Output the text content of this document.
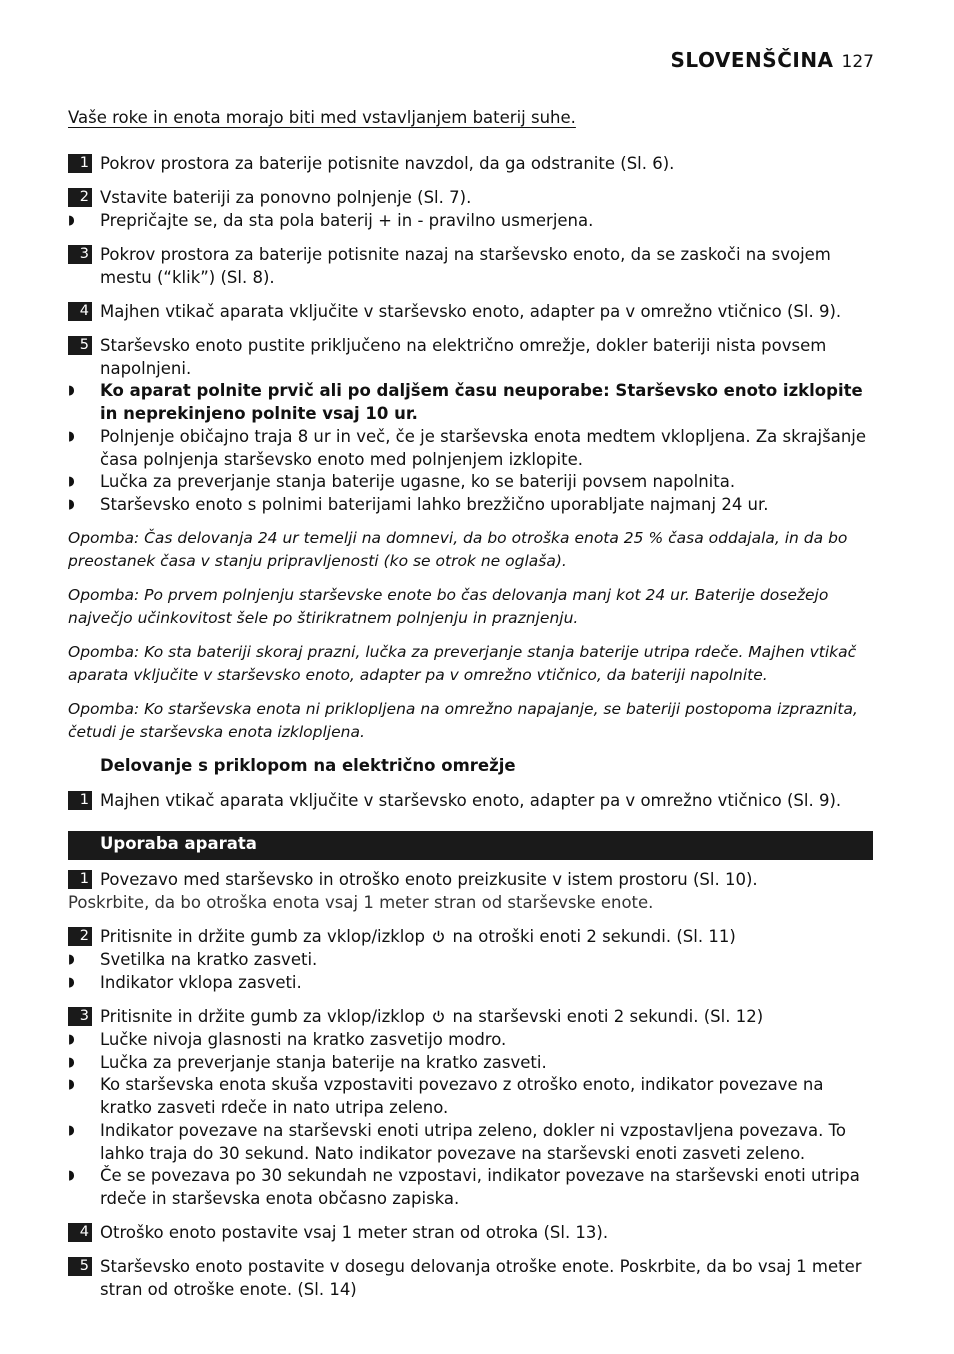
SLOVENŠČINA 127
Vaše roke in enota morajo biti med vstavljanjem baterij suhe.
1 Pokrov prostora za baterije potisnite navzdol, da ga odstranite (Sl. 6).
2 Vstavite bateriji za ponovno polnjenje (Sl. 7).
◗ Prepričajte se, da sta pola baterij + in - pravilno usmerjena.
3 Pokrov prostora za baterije potisnite nazaj na starševsko enoto, da se zaskoči na svojem
mestu (“klik”) (Sl. 8).
4 Majhen vtikač aparata vključite v starševsko enoto, adapter pa v omrežno vtičnico (Sl. 9).
5 Starševsko enoto pustite priključeno na električno omrežje, dokler bateriji nista povsem
napolnjeni.
◗ Ko aparat polnite prvič ali po daljšem času neuporabe: Starševsko enoto izklopite
in neprekinjeno polnite vsaj 10 ur.
◗ Polnjenje običajno traja 8 ur in več, če je starševska enota medtem vklopljena. Za skrajšanje
časa polnjenja starševsko enoto med polnjenjem izklopite.
◗ Lučka za preverjanje stanja baterije ugasne, ko se bateriji povsem napolnita.
◗ Starševsko enoto s polnimi baterijami lahko brezžično uporabljate najmanj 24 ur.
Opomba: Čas delovanja 24 ur temelji na domnevi, da bo otroška enota 25 % časa oddajala, in da bo
preostanek časa v stanju pripravljenosti (ko se otrok ne oglaša).
Opomba: Po prvem polnjenju starševske enote bo čas delovanja manj kot 24 ur. Baterije dosežejo
največjo učinkovitost šele po štirikratnem polnjenju in praznjenju.
Opomba: Ko sta bateriji skoraj prazni, lučka za preverjanje stanja baterije utripa rdeče. Majhen vtikač
aparata vključite v starševsko enoto, adapter pa v omrežno vtičnico, da bateriji napolnite.
Opomba: Ko starševska enota ni priklopljena na omrežno napajanje, se bateriji postopoma izpraznita,
četudi je starševska enota izklopljena.
Delovanje s priklopom na električno omrežje
1 Majhen vtikač aparata vključite v starševsko enoto, adapter pa v omrežno vtičnico (Sl. 9).
Uporaba aparata
1 Povezavo med starševsko in otroško enoto preizkusite v istem prostoru (Sl. 10).
Poskrbite, da bo otroška enota vsaj 1 meter stran od starševske enote.
2 Pritisnite in držite gumb za vklop/izklop na otroški enoti 2 sekundi. (Sl. 11)
◗ Svetilka na kratko zasveti.
◗ Indikator vklopa zasveti.
3 Pritisnite in držite gumb za vklop/izklop na starševski enoti 2 sekundi. (Sl. 12)
◗ Lučke nivoja glasnosti na kratko zasvetijo modro.
◗ Lučka za preverjanje stanja baterije na kratko zasveti.
◗ Ko starševska enota skuša vzpostaviti povezavo z otroško enoto, indikator povezave na
kratko zasveti rdeče in nato utripa zeleno.
◗ Indikator povezave na starševski enoti utripa zeleno, dokler ni vzpostavljena povezava. To
lahko traja do 30 sekund. Nato indikator povezave na starševski enoti zasveti zeleno.
◗ Če se povezava po 30 sekundah ne vzpostavi, indikator povezave na starševski enoti utripa
rdeče in starševska enota občasno zapiska.
4 Otroško enoto postavite vsaj 1 meter stran od otroka (Sl. 13).
5 Starševsko enoto postavite v dosegu delovanja otroške enote. Poskrbite, da bo vsaj 1 meter
stran od otroške enote. (Sl. 14)
